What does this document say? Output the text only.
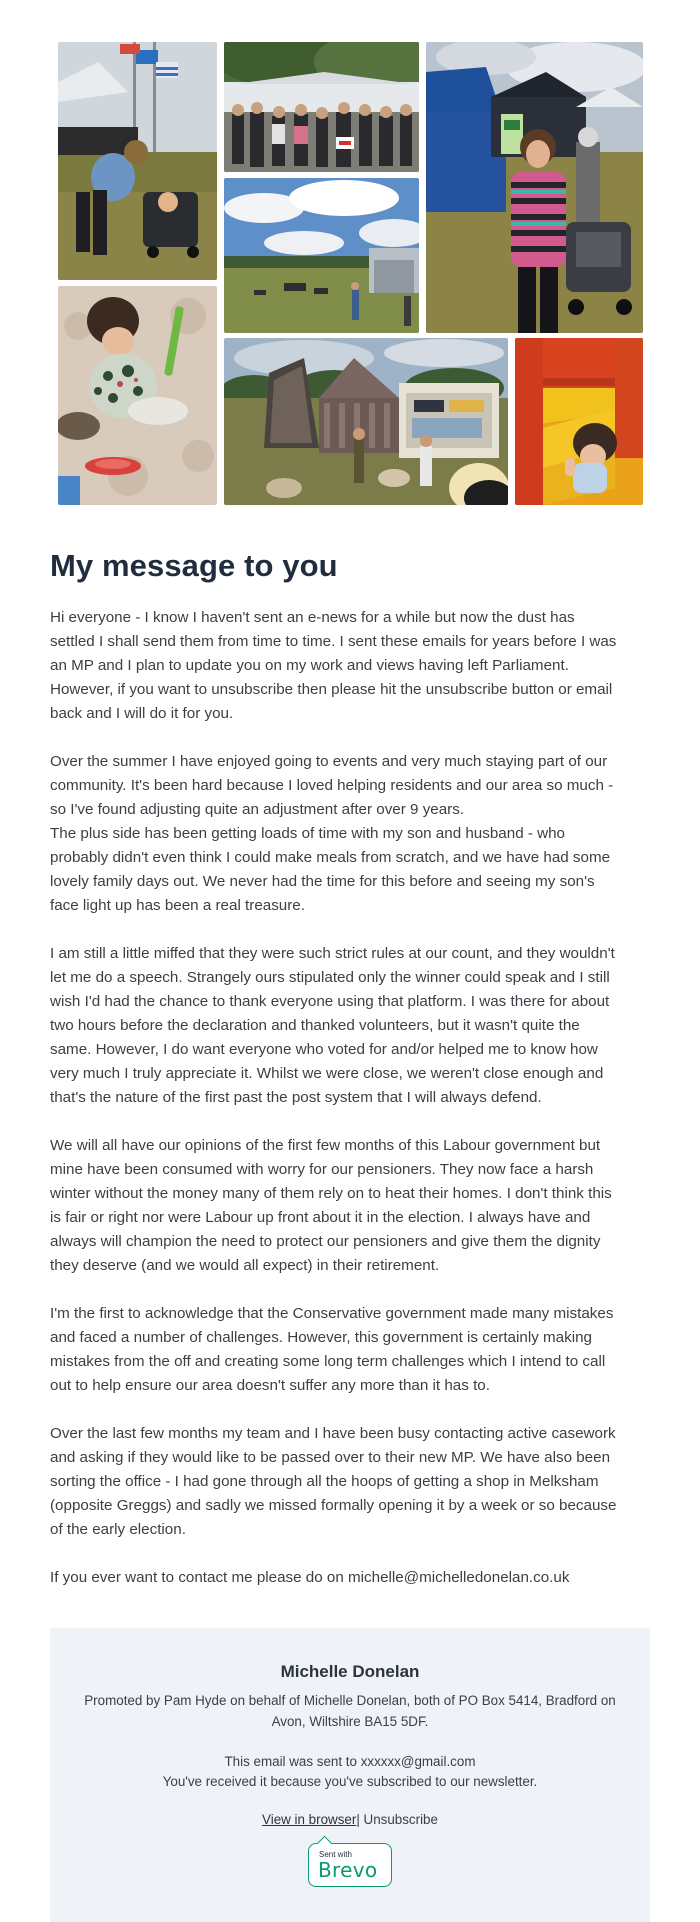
My message to you

Hi everyone - I know I haven't sent an e-news for a while but now the dust has
settled I shall send them from time to time. I sent these emails for years before I was
an MP and I plan to update you on my work and views having left Parliament.
However, if you want to unsubscribe then please hit the unsubscribe button or email
back and I will do it for you.

Over the summer I have enjoyed going to events and very much staying part of our
community. It's been hard because I loved helping residents and our area so much -
so I've found adjusting quite an adjustment after over 9 years.
The plus side has been getting loads of time with my son and husband - who
probably didn't even think I could make meals from scratch, and we have had some
lovely family days out. We never had the time for this before and seeing my son's
face light up has been a real treasure.

I am still a little miffed that they were such strict rules at our count, and they wouldn't
let me do a speech. Strangely ours stipulated only the winner could speak and I still
wish I'd had the chance to thank everyone using that platform. I was there for about
two hours before the declaration and thanked volunteers, but it wasn't quite the
same. However, I do want everyone who voted for and/or helped me to know how
very much I truly appreciate it. Whilst we were close, we weren't close enough and
that's the nature of the first past the post system that I will always defend.

We will all have our opinions of the first few months of this Labour government but
mine have been consumed with worry for our pensioners. They now face a harsh
winter without the money many of them rely on to heat their homes. I don't think this
is fair or right nor were Labour up front about it in the election. I always have and
always will champion the need to protect our pensioners and give them the dignity
they deserve (and we would all expect) in their retirement.

I'm the first to acknowledge that the Conservative government made many mistakes
and faced a number of challenges. However, this government is certainly making
mistakes from the off and creating some long term challenges which I intend to call
out to help ensure our area doesn't suffer any more than it has to.

Over the last few months my team and I have been busy contacting active casework
and asking if they would like to be passed over to their new MP. We have also been
sorting the office - I had gone through all the hoops of getting a shop in Melksham
(opposite Greggs) and sadly we missed formally opening it by a week or so because
of the early election.

If you ever want to contact me please do on michelle@michelledonelan.co.uk

Michelle Donelan
Promoted by Pam Hyde on behalf of Michelle Donelan, both of PO Box 5414, Bradford on
Avon, Wiltshire BA15 5DF.
This email was sent to xxxxxx@gmail.com
You've received it because you've subscribed to our newsletter.
View in browser| Unsubscribe
Sent with
Brevo
